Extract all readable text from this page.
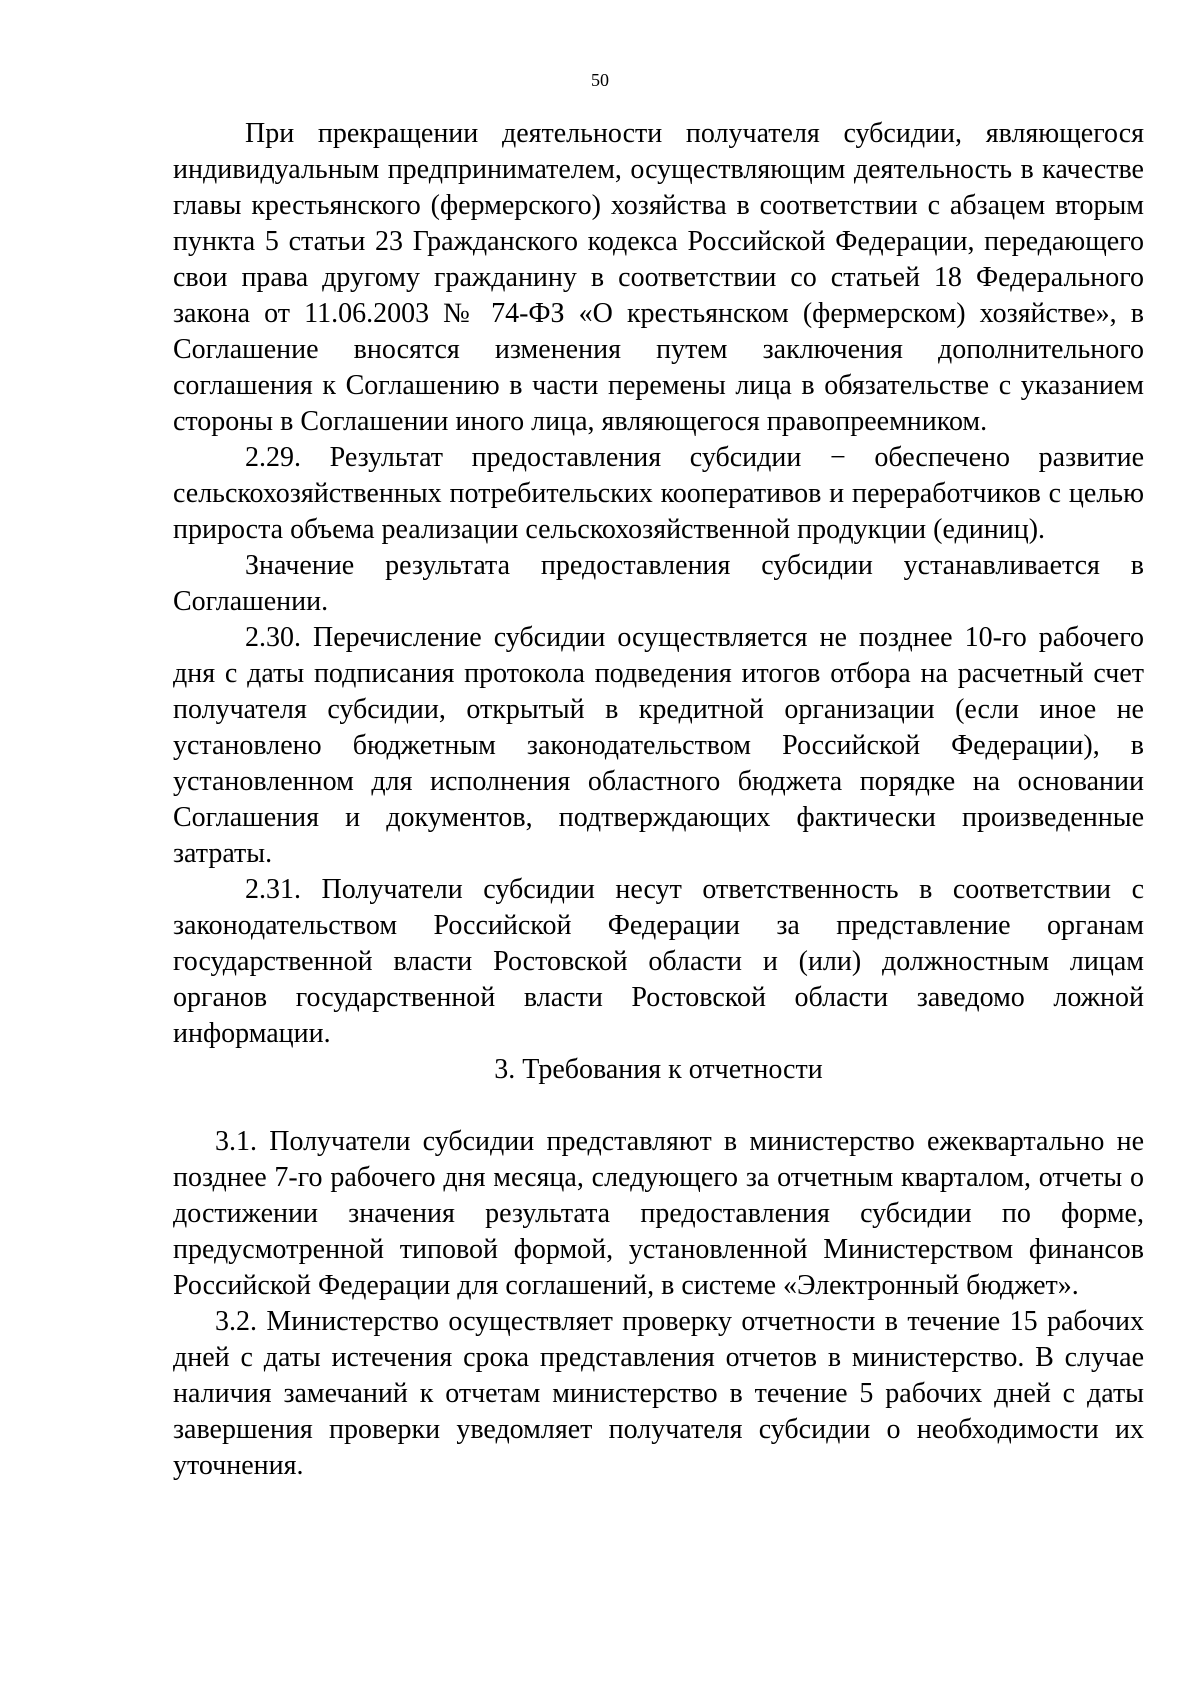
50

При прекращении деятельности получателя субсидии, являющегося индивидуальным предпринимателем, осуществляющим деятельность в качестве главы крестьянского (фермерского) хозяйства в соответствии с абзацем вторым пункта 5 статьи 23 Гражданского кодекса Российской Федерации, передающего свои права другому гражданину в соответствии со статьей 18 Федерального закона от 11.06.2003 № 74-ФЗ «О крестьянском (фермерском) хозяйстве», в Соглашение вносятся изменения путем заключения дополнительного соглашения к Соглашению в части перемены лица в обязательстве с указанием стороны в Соглашении иного лица, являющегося правопреемником.

2.29. Результат предоставления субсидии − обеспечено развитие сельскохозяйственных потребительских кооперативов и переработчиков с целью прироста объема реализации сельскохозяйственной продукции (единиц).

Значение результата предоставления субсидии устанавливается в Соглашении.

2.30. Перечисление субсидии осуществляется не позднее 10-го рабочего дня с даты подписания протокола подведения итогов отбора на расчетный счет получателя субсидии, открытый в кредитной организации (если иное не установлено бюджетным законодательством Российской Федерации), в установленном для исполнения областного бюджета порядке на основании Соглашения и документов, подтверждающих фактически произведенные затраты.

2.31. Получатели субсидии несут ответственность в соответствии с законодательством Российской Федерации за представление органам государственной власти Ростовской области и (или) должностным лицам органов государственной власти Ростовской области заведомо ложной информации.

3. Требования к отчетности

3.1. Получатели субсидии представляют в министерство ежеквартально не позднее 7-го рабочего дня месяца, следующего за отчетным кварталом, отчеты о достижении значения результата предоставления субсидии по форме, предусмотренной типовой формой, установленной Министерством финансов Российской Федерации для соглашений, в системе «Электронный бюджет».

3.2. Министерство осуществляет проверку отчетности в течение 15 рабочих дней с даты истечения срока представления отчетов в министерство. В случае наличия замечаний к отчетам министерство в течение 5 рабочих дней с даты завершения проверки уведомляет получателя субсидии о необходимости их уточнения.
